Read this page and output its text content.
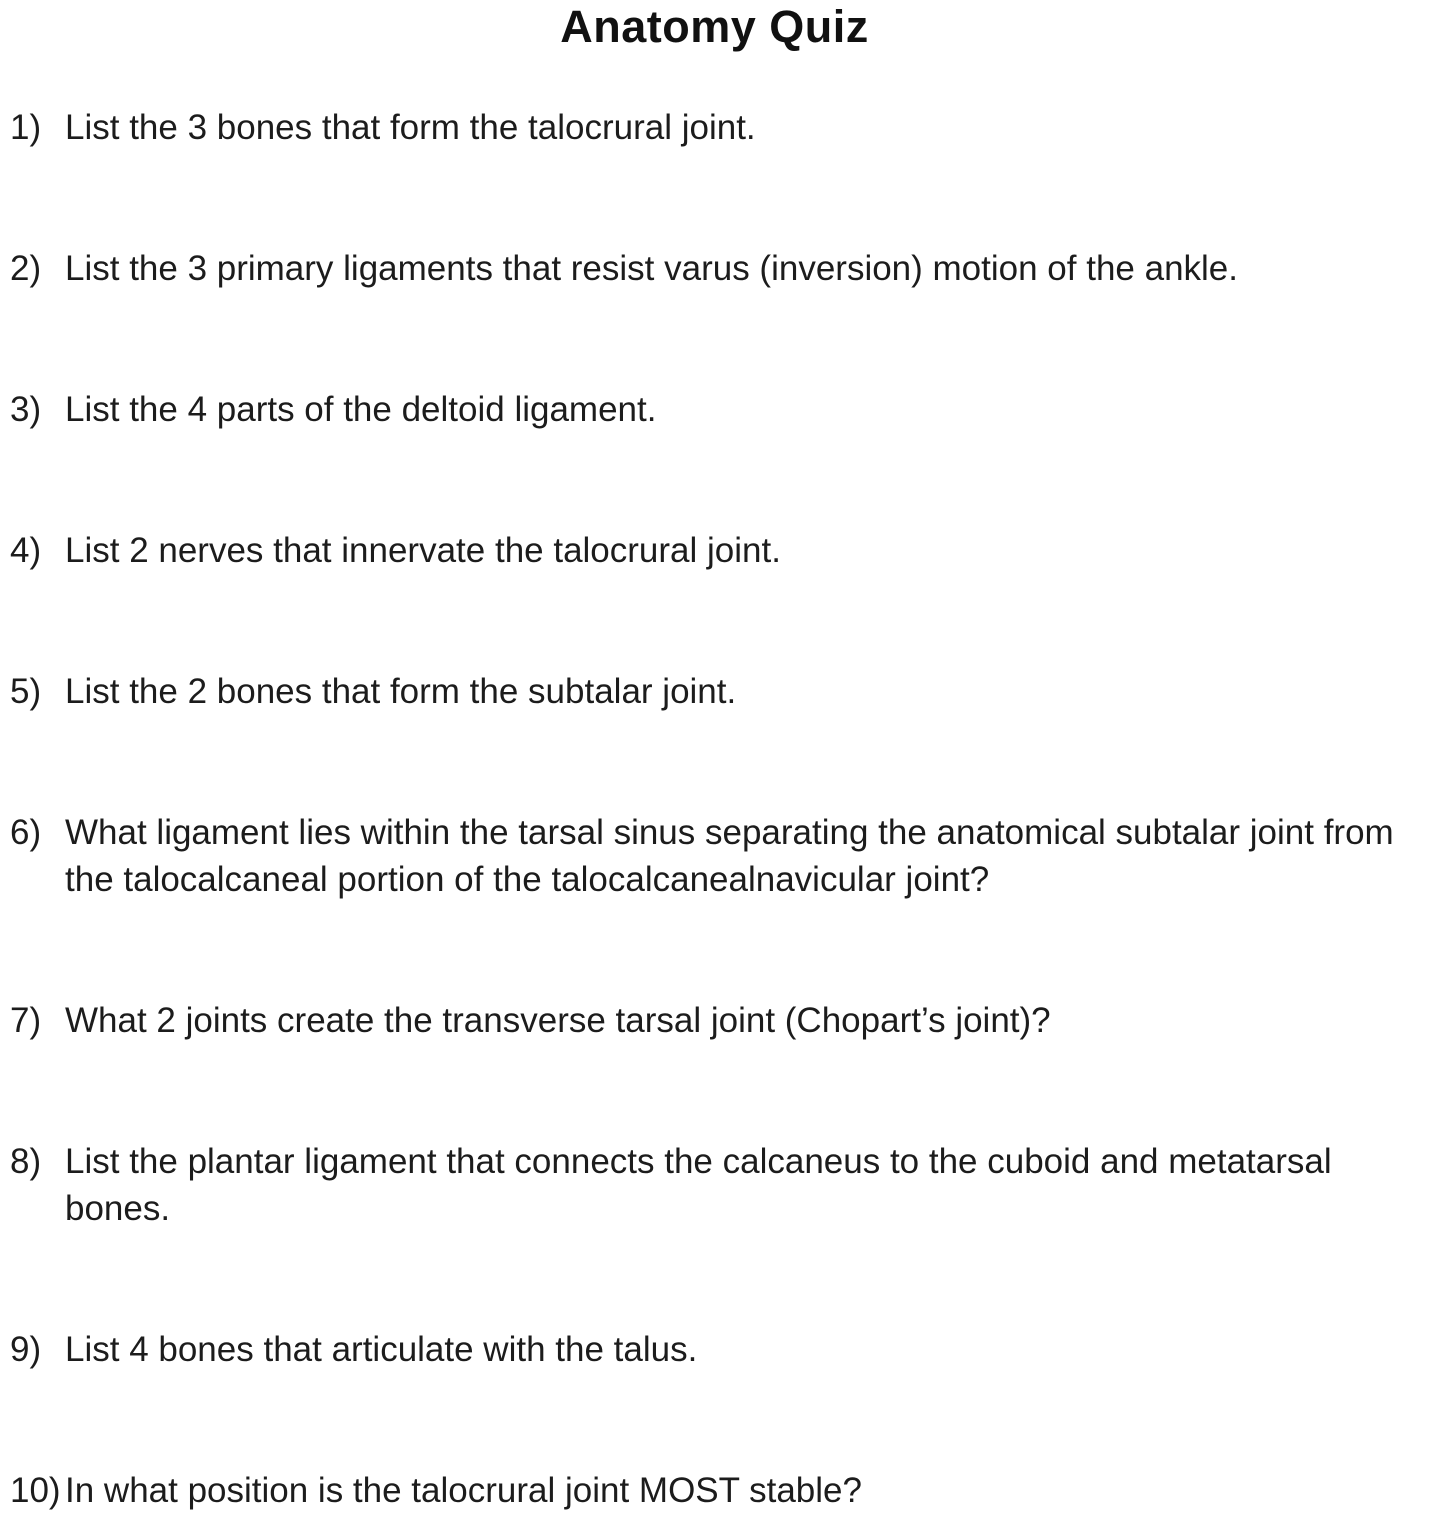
Anatomy Quiz
1) List the 3 bones that form the talocrural joint.
2) List the 3 primary ligaments that resist varus (inversion) motion of the ankle.
3) List the 4 parts of the deltoid ligament.
4) List 2 nerves that innervate the talocrural joint.
5) List the 2 bones that form the subtalar joint.
6) What ligament lies within the tarsal sinus separating the anatomical subtalar joint from the talocalcaneal portion of the talocalcanealnavicular joint?
7) What 2 joints create the transverse tarsal joint (Chopart’s joint)?
8) List the plantar ligament that connects the calcaneus to the cuboid and metatarsal bones.
9) List 4 bones that articulate with the talus.
10) In what position is the talocrural joint MOST stable?
